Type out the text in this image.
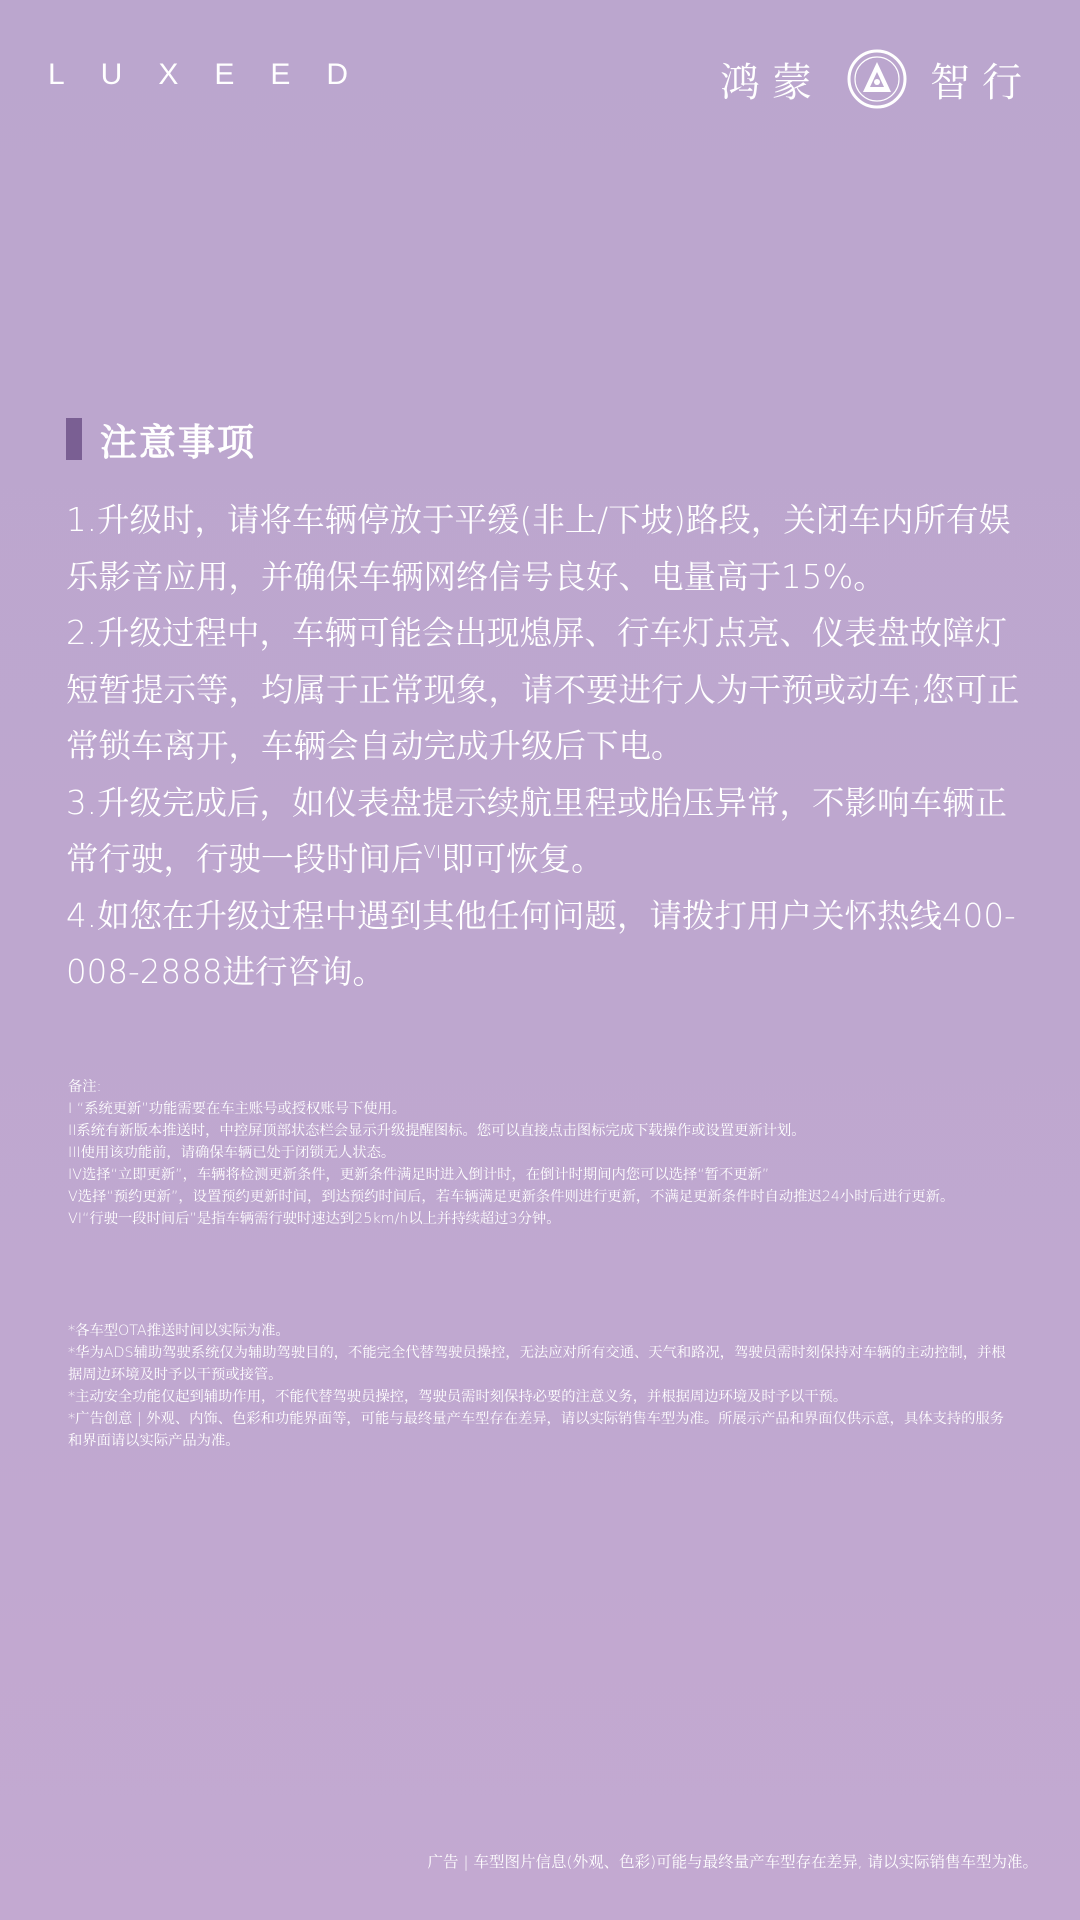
LUXEED	鸿蒙	智行
注意事项

1.升级时，请将车辆停放于平缓(非上/下坡)路段，关闭车内所有娱乐影音应用，并确保车辆网络信号良好、电量高于15%。

2.升级过程中，车辆可能会出现熄屏、行车灯点亮、仪表盘故障灯短暂提示等，均属于正常现象，请不要进行人为干预或动车;您可正常锁车离开，车辆会自动完成升级后下电。

3.升级完成后，如仪表盘提示续航里程或胎压异常，不影响车辆正常行驶，行驶一段时间后$^{VI}$即可恢复。

4.如您在升级过程中遇到其他任何问题，请拨打用户关怀热线400-008-2888进行咨询。

备注:

I “系统更新”功能需要在车主账号或授权账号下使用。

II系统有新版本推送时，中控屏顶部状态栏会显示升级提醒图标。您可以直接点击图标完成下载操作或设置更新计划。

III使用该功能前，请确保车辆已处于闭锁无人状态。

IV选择“立即更新”，车辆将检测更新条件，更新条件满足时进入倒计时，在倒计时期间内您可以选择“暂不更新”

V选择“预约更新”，设置预约更新时间，到达预约时间后，若车辆满足更新条件则进行更新，不满足更新条件时自动推迟24小时后进行更新。

VI“行驶一段时间后”是指车辆需行驶时速达到25km/h以上并持续超过3分钟。

*各车型OTA推送时间以实际为准。

*华为ADS辅助驾驶系统仅为辅助驾驶目的，不能完全代替驾驶员操控，无法应对所有交通、天气和路况，驾驶员需时刻保持对车辆的主动控制，并根据周边环境及时予以干预或接管。

*主动安全功能仅起到辅助作用，不能代替驾驶员操控，驾驶员需时刻保持必要的注意义务，并根据周边环境及时予以干预。

*广告创意 | 外观、内饰、色彩和功能界面等，可能与最终量产车型存在差异，请以实际销售车型为准。所展示产品和界面仅供示意，具体支持的服务和界面请以实际产品为准。

广告 | 车型图片信息(外观、色彩)可能与最终量产车型存在差异, 请以实际销售车型为准。
